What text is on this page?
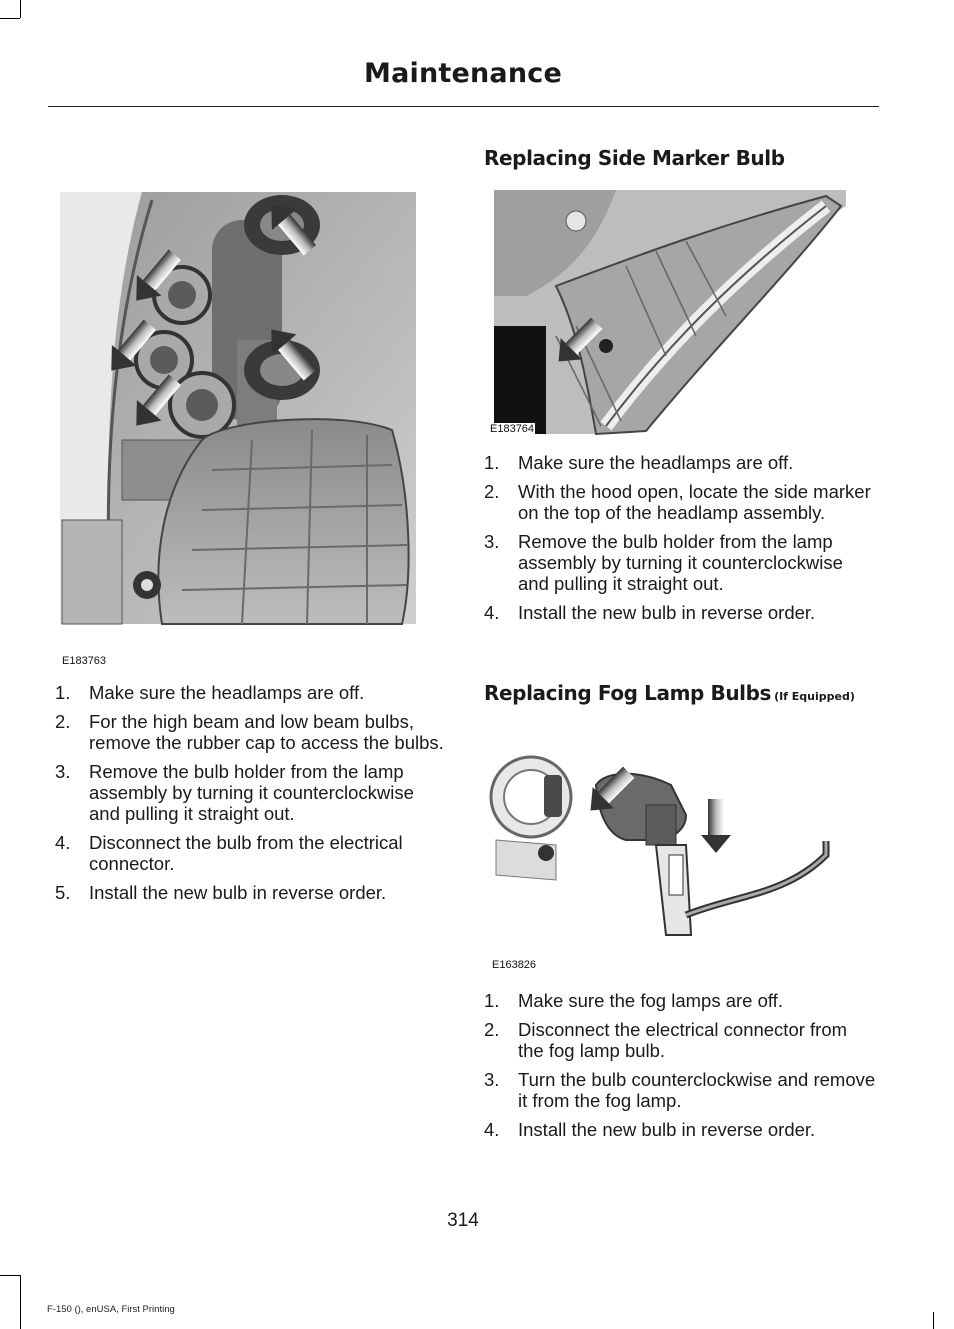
Maintenance
E183763
1. Make sure the headlamps are off.
2. For the high beam and low beam bulbs, remove the rubber cap to access the bulbs.
3. Remove the bulb holder from the lamp assembly by turning it counterclockwise and pulling it straight out.
4. Disconnect the bulb from the electrical connector.
5. Install the new bulb in reverse order.
Replacing Side Marker Bulb
E183764
1. Make sure the headlamps are off.
2. With the hood open, locate the side marker on the top of the headlamp assembly.
3. Remove the bulb holder from the lamp assembly by turning it counterclockwise and pulling it straight out.
4. Install the new bulb in reverse order.
Replacing Fog Lamp Bulbs (If Equipped)
E163826
1. Make sure the fog lamps are off.
2. Disconnect the electrical connector from the fog lamp bulb.
3. Turn the bulb counterclockwise and remove it from the fog lamp.
4. Install the new bulb in reverse order.
314
F-150 (), enUSA, First Printing
